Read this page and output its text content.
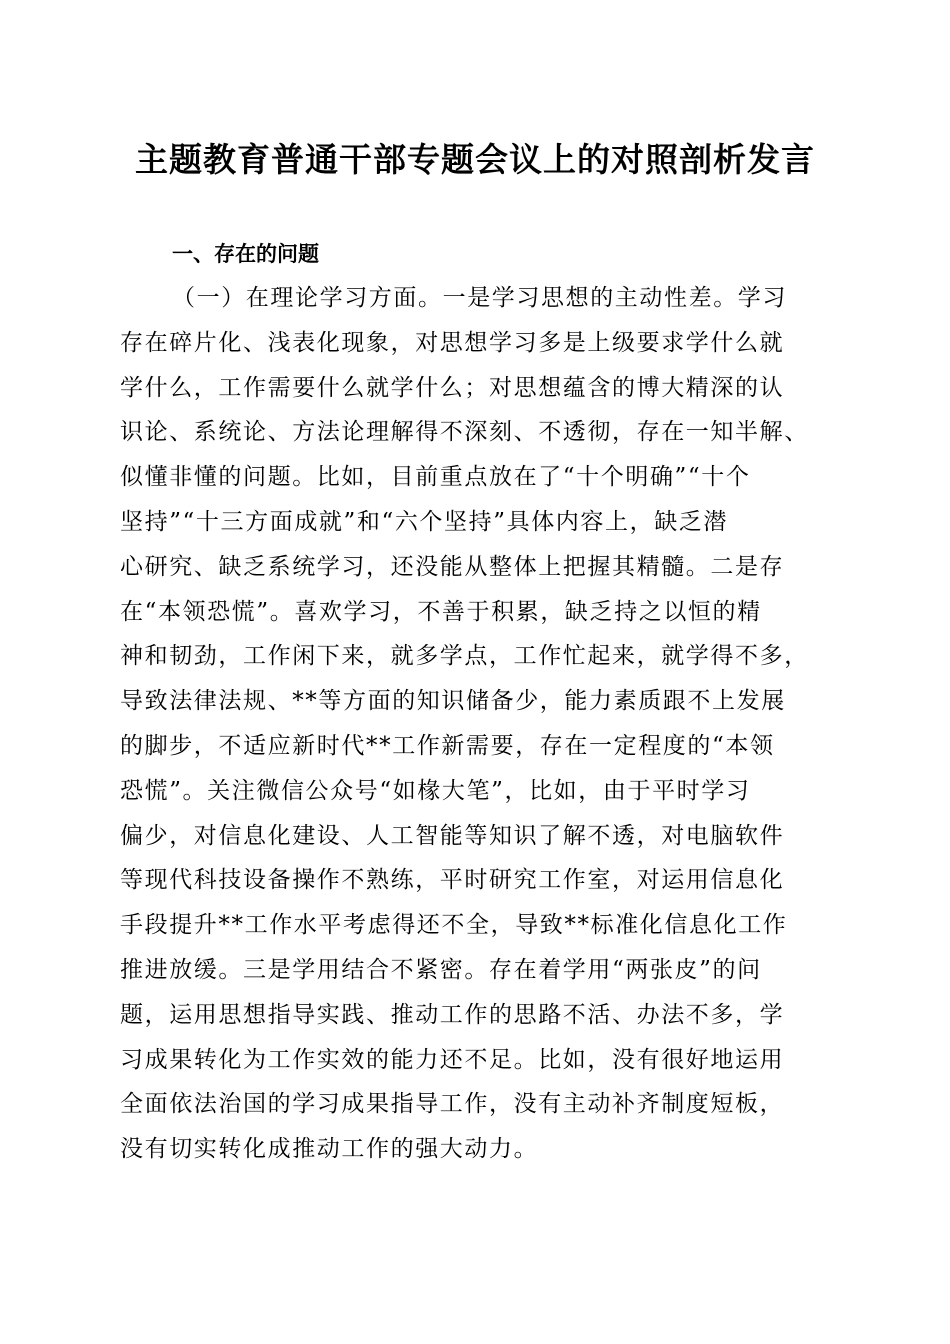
主题教育普通干部专题会议上的对照剖析发言
一、存在的问题
（一）在理论学习方面。一是学习思想的主动性差。学习
存在碎片化、浅表化现象，对思想学习多是上级要求学什么就
学什么，工作需要什么就学什么；对思想蕴含的博大精深的认
识论、系统论、方法论理解得不深刻、不透彻，存在一知半解、
似懂非懂的问题。比如，目前重点放在了“十个明确”“十个
坚持”“十三方面成就”和“六个坚持”具体内容上，缺乏潜
心研究、缺乏系统学习，还没能从整体上把握其精髓。二是存
在“本领恐慌”。喜欢学习，不善于积累，缺乏持之以恒的精
神和韧劲，工作闲下来，就多学点，工作忙起来，就学得不多，
导致法律法规、**等方面的知识储备少，能力素质跟不上发展
的脚步，不适应新时代**工作新需要，存在一定程度的“本领
恐慌”。关注微信公众号“如椽大笔”，比如，由于平时学习
偏少，对信息化建设、人工智能等知识了解不透，对电脑软件
等现代科技设备操作不熟练，平时研究工作室，对运用信息化
手段提升**工作水平考虑得还不全，导致**标准化信息化工作
推进放缓。三是学用结合不紧密。存在着学用“两张皮”的问
题，运用思想指导实践、推动工作的思路不活、办法不多，学
习成果转化为工作实效的能力还不足。比如，没有很好地运用
全面依法治国的学习成果指导工作，没有主动补齐制度短板，
没有切实转化成推动工作的强大动力。
